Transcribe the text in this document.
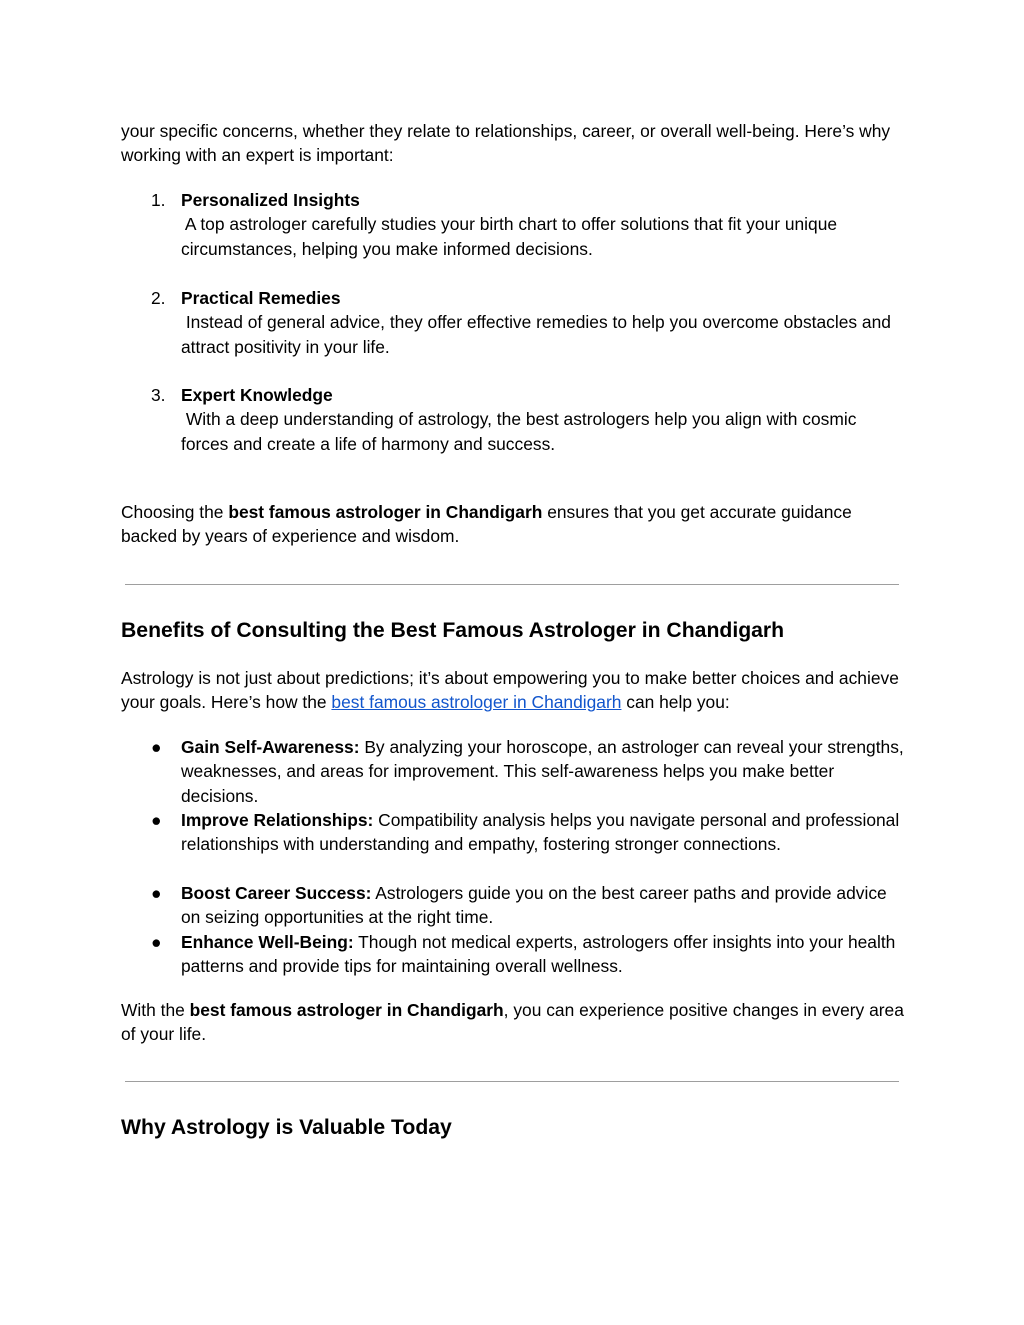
your specific concerns, whether they relate to relationships, career, or overall well-being. Here’s why working with an expert is important:

1. Personalized Insights
A top astrologer carefully studies your birth chart to offer solutions that fit your unique circumstances, helping you make informed decisions.
2. Practical Remedies
Instead of general advice, they offer effective remedies to help you overcome obstacles and attract positivity in your life.
3. Expert Knowledge
With a deep understanding of astrology, the best astrologers help you align with cosmic forces and create a life of harmony and success.

Choosing the best famous astrologer in Chandigarh ensures that you get accurate guidance backed by years of experience and wisdom.

Benefits of Consulting the Best Famous Astrologer in Chandigarh

Astrology is not just about predictions; it’s about empowering you to make better choices and achieve your goals. Here’s how the best famous astrologer in Chandigarh can help you:

● Gain Self-Awareness: By analyzing your horoscope, an astrologer can reveal your strengths, weaknesses, and areas for improvement. This self-awareness helps you make better decisions.
● Improve Relationships: Compatibility analysis helps you navigate personal and professional relationships with understanding and empathy, fostering stronger connections.
● Boost Career Success: Astrologers guide you on the best career paths and provide advice on seizing opportunities at the right time.
● Enhance Well-Being: Though not medical experts, astrologers offer insights into your health patterns and provide tips for maintaining overall wellness.

With the best famous astrologer in Chandigarh, you can experience positive changes in every area of your life.

Why Astrology is Valuable Today
